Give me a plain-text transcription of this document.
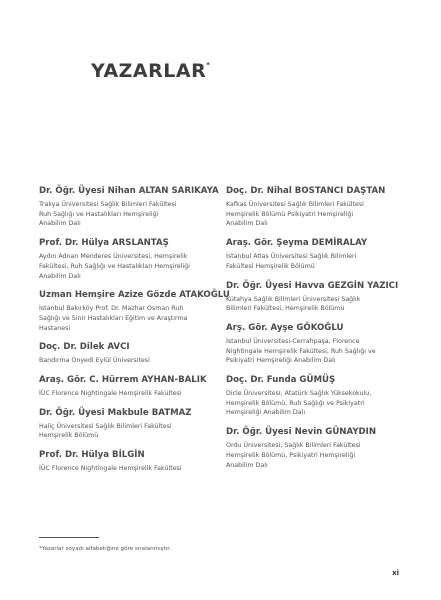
YAZARLAR*
Dr. Öğr. Üyesi Nihan ALTAN SARIKAYA
Trakya Üniversitesi Sağlık Bilimleri Fakültesi
Ruh Sağlığı ve Hastalıkları Hemşireliği
Anabilim Dalı
Prof. Dr. Hülya ARSLANTAŞ
Aydın Adnan Menderes Üniversitesi, Hemşirelik
Fakültesi, Ruh Sağlığı ve Hastalıkları Hemşireliği
Anabilim Dalı
Uzman Hemşire Azize Gözde ATAKOĞLU
İstanbul Bakırköy Prof. Dr. Mazhar Osman Ruh
Sağlığı ve Sinir Hastalıkları Eğitim ve Araştırma
Hastanesi
Doç. Dr. Dilek AVCI
Bandırma Onyedi Eylül Üniversitesi
Araş. Gör. C. Hürrem AYHAN-BALIK
İÜC Florence Nightingale Hemşirelik Fakültesi
Dr. Öğr. Üyesi Makbule BATMAZ
Haliç Üniversitesi Sağlık Bilimleri Fakültesi
Hemşirelik Bölümü
Prof. Dr. Hülya BİLGİN
İÜC Florence Nightingale Hemşirelik Fakültesi
Doç. Dr. Nihal BOSTANCI DAŞTAN
Kafkas Üniversitesi Sağlık Bilimleri Fakültesi
Hemşirelik Bölümü Psikiyatri Hemşireliği
Anabilim Dalı
Araş. Gör. Şeyma DEMİRALAY
İstanbul Atlas Üniversitesi Sağlık Bilimleri
Fakültesi Hemşirelik Bölümü
Dr. Öğr. Üyesi Havva GEZGİN YAZICI
Kütahya Sağlık Bilimleri Üniversitesi Sağlık
Bilimleri Fakültesi, Hemşirelik Bölümü
Arş. Gör. Ayşe GÖKOĞLU
İstanbul Üniversitesi-Cerrahpaşa, Florence
Nightingale Hemşirelik Fakültesi, Ruh Sağlığı ve
Psikiyatri Hemşireliği Anabilim Dalı
Doç. Dr. Funda GÜMÜŞ
Dicle Üniversitesi, Atatürk Sağlık Yüksekokulu,
Hemşirelik Bölümü, Ruh Sağlığı ve Psikiyatri
Hemşireliği Anabilim Dalı
Dr. Öğr. Üyesi Nevin GÜNAYDIN
Ordu Üniversitesi, Sağlık Bilimleri Fakültesi
Hemşirelik Bölümü, Psikiyatri Hemşireliği
Anabilim Dalı
*Yazarlar soyadı alfabetiğine göre sıralanmıştır.
xi
